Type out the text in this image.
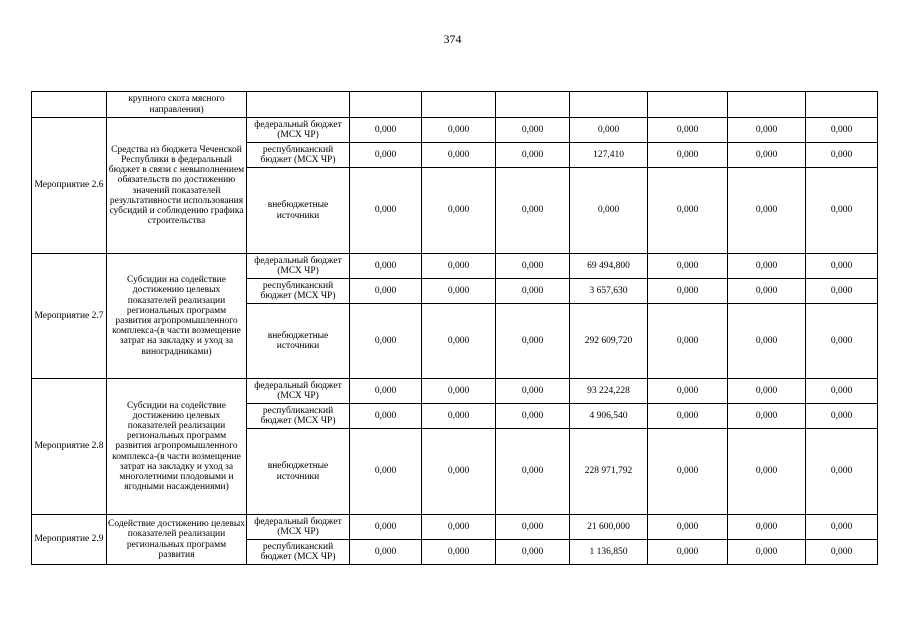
374
	крупного скота мясного направления)								
Мероприятие 2.6	Средства из бюджета Чеченской Республики в федеральный бюджет в связи с невыполнением обязательств по достижению значений показателей результативности использования субсидий и соблюдению графика строительства	федеральный бюджет (МСХ ЧР)	0,000	0,000	0,000	0,000	0,000	0,000	0,000
		республиканский бюджет (МСХ ЧР)	0,000	0,000	0,000	127,410	0,000	0,000	0,000
		внебюджетные источники	0,000	0,000	0,000	0,000	0,000	0,000	0,000
Мероприятие 2.7	Субсидии на содействие достижению целевых показателей реализации региональных программ развития агропромышленного комплекса-(в части возмещение затрат на закладку и уход за виноградниками)	федеральный бюджет (МСХ ЧР)	0,000	0,000	0,000	69 494,800	0,000	0,000	0,000
		республиканский бюджет (МСХ ЧР)	0,000	0,000	0,000	3 657,630	0,000	0,000	0,000
		внебюджетные источники	0,000	0,000	0,000	292 609,720	0,000	0,000	0,000
Мероприятие 2.8	Субсидии на содействие достижению целевых показателей реализации региональных программ развития агропромышленного комплекса-(в части возмещение затрат на закладку и уход за многолетними плодовыми и ягодными насаждениями)	федеральный бюджет (МСХ ЧР)	0,000	0,000	0,000	93 224,228	0,000	0,000	0,000
		республиканский бюджет (МСХ ЧР)	0,000	0,000	0,000	4 906,540	0,000	0,000	0,000
		внебюджетные источники	0,000	0,000	0,000	228 971,792	0,000	0,000	0,000
Мероприятие 2.9	Содействие достижению целевых показателей реализации региональных программ развития	федеральный бюджет (МСХ ЧР)	0,000	0,000	0,000	21 600,000	0,000	0,000	0,000
		республиканский бюджет (МСХ ЧР)	0,000	0,000	0,000	1 136,850	0,000	0,000	0,000
